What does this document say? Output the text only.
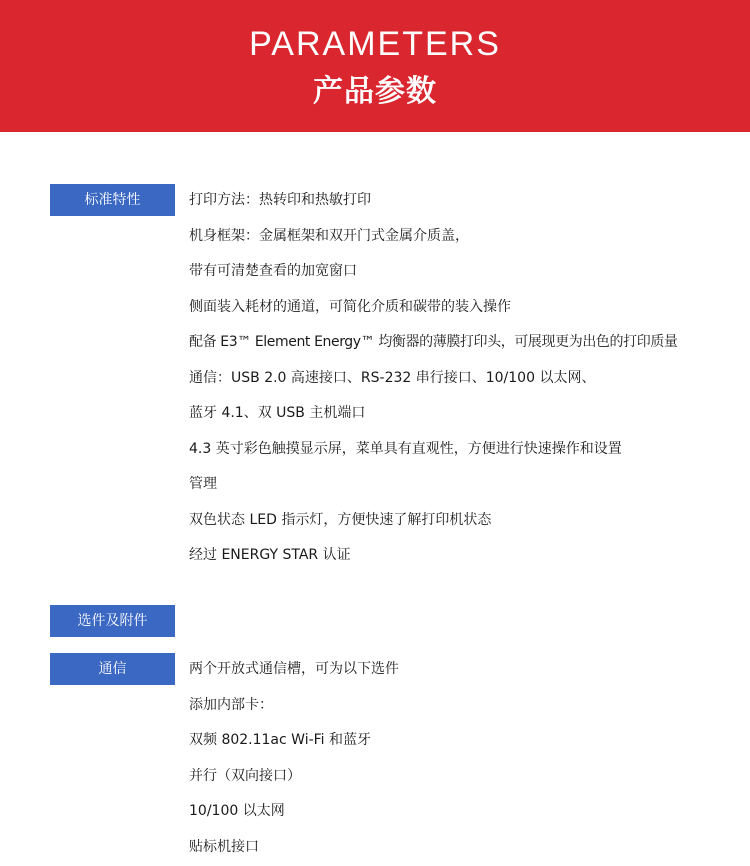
PARAMETERS
产品参数
标准特性	打印方法：热转印和热敏打印
机身框架：金属框架和双开门式金属介质盖，
带有可清楚查看的加宽窗口
侧面装入耗材的通道，可简化介质和碳带的装入操作
配备 E3™ Element Energy™ 均衡器的薄膜打印头，可展现更为出色的打印质量
通信：USB 2.0 高速接口、RS-232 串行接口、10/100 以太网、
蓝牙 4.1、双 USB 主机端口
4.3 英寸彩色触摸显示屏，菜单具有直观性，方便进行快速操作和设置
管理
双色状态 LED 指示灯，方便快速了解打印机状态
经过 ENERGY STAR 认证
选件及附件
通信	两个开放式通信槽，可为以下选件
添加内部卡：
双频 802.11ac Wi-Fi 和蓝牙
并行（双向接口）
10/100 以太网
贴标机接口
